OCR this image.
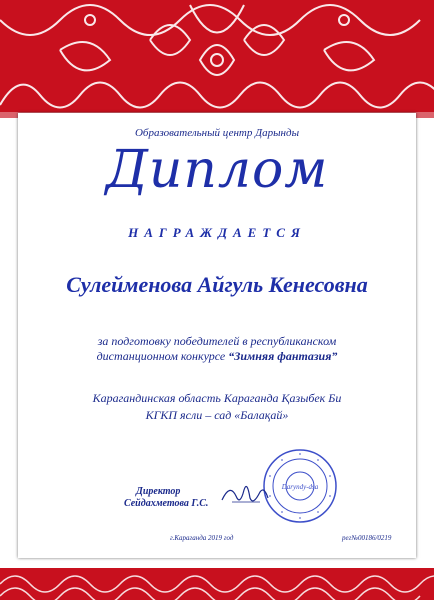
Образовательный центр Дарынды
Диплом
НАГРАЖДАЕТСЯ
Сулейменова Айгуль Кенесовна
за подготовку победителей в республиканском
дистанционном конкурсе “Зимняя фантазия”
Карагандинская область Караганда Қазыбек Би
КГКП ясли – сад «Балақай»
Daryndy-dsa
Директор
Сейдахметова Г.С.
г.Караганда 2019 год	рег№00186/0219
